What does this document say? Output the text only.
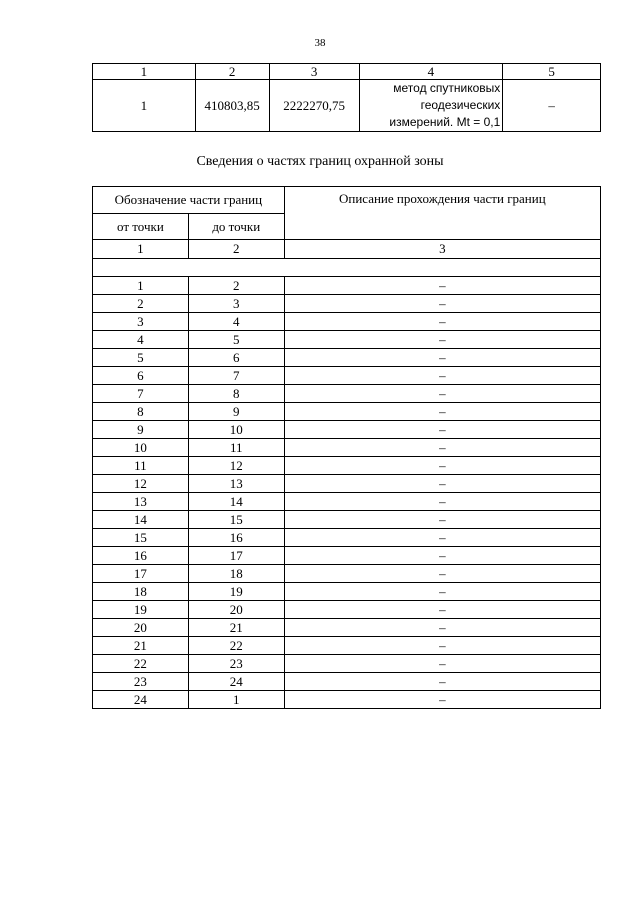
38
1	2	3	4	5
1	410803,85	2222270,75	метод спутниковых
геодезических
измерений. Mt = 0,1	–
Сведения о частях границ охранной зоны
Обозначение части границ		Описание прохождения части границ
от точки	до точки	
1	2	3

1	2	–
2	3	–
3	4	–
4	5	–
5	6	–
6	7	–
7	8	–
8	9	–
9	10	–
10	11	–
11	12	–
12	13	–
13	14	–
14	15	–
15	16	–
16	17	–
17	18	–
18	19	–
19	20	–
20	21	–
21	22	–
22	23	–
23	24	–
24	1	–
